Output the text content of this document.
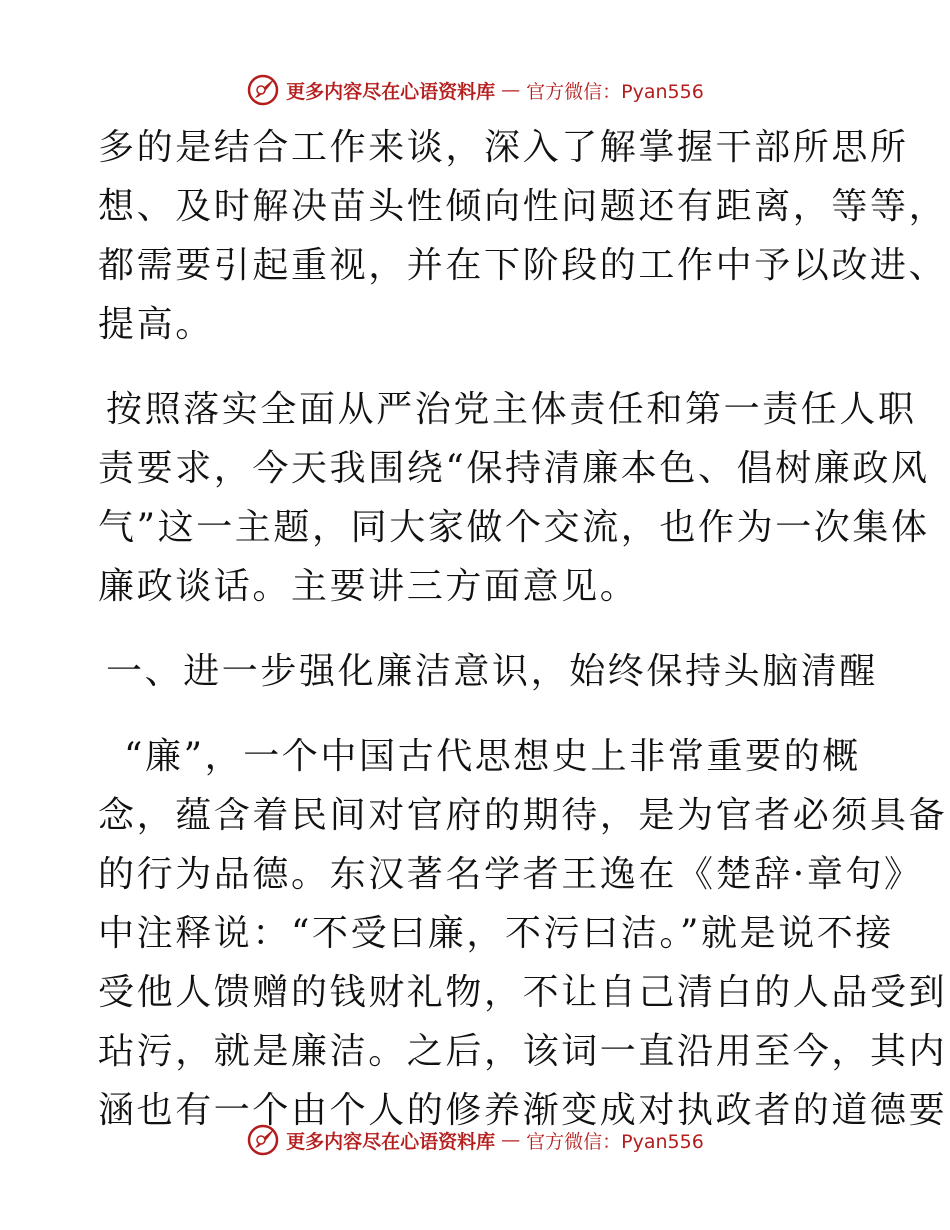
更多内容尽在心语资料库 — 官方微信：Pyan556
多的是结合工作来谈，深入了解掌握干部所思所
想、及时解决苗头性倾向性问题还有距离，等等，
都需要引起重视，并在下阶段的工作中予以改进、
提高。
按照落实全面从严治党主体责任和第一责任人职
责要求，今天我围绕“保持清廉本色、倡树廉政风
气”这一主题，同大家做个交流，也作为一次集体
廉政谈话。主要讲三方面意见。
一、进一步强化廉洁意识，始终保持头脑清醒
“廉”，一个中国古代思想史上非常重要的概
念，蕴含着民间对官府的期待，是为官者必须具备
的行为品德。东汉著名学者王逸在《楚辞·章句》
中注释说：“不受曰廉，不污曰洁。”就是说不接
受他人馈赠的钱财礼物，不让自己清白的人品受到
玷污，就是廉洁。之后，该词一直沿用至今，其内
涵也有一个由个人的修养渐变成对执政者的道德要
更多内容尽在心语资料库 — 官方微信：Pyan556
